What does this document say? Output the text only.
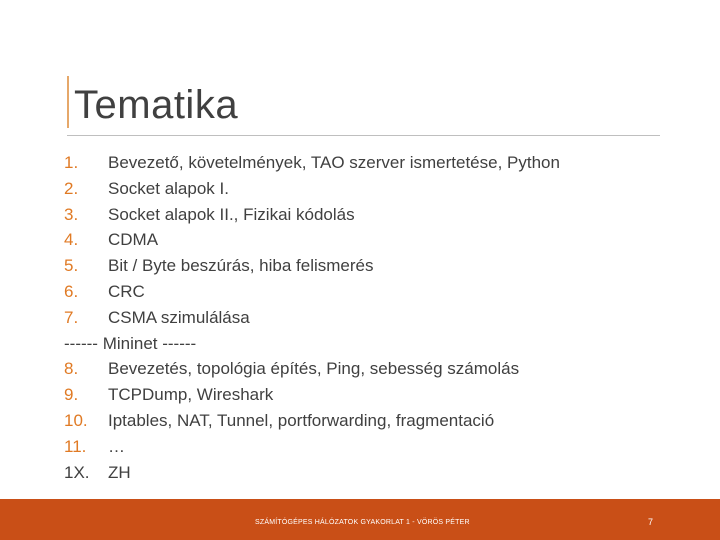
Tematika
1. Bevezető, követelmények, TAO szerver ismertetése, Python
2. Socket alapok I.
3. Socket alapok II., Fizikai kódolás
4. CDMA
5. Bit / Byte beszúrás, hiba felismerés
6. CRC
7. CSMA szimulálása
------ Mininet ------
8. Bevezetés, topológia építés, Ping, sebesség számolás
9. TCPDump, Wireshark
10. Iptables, NAT, Tunnel, portforwarding, fragmentació
11. …
1X. ZH
SZÁMÍTÓGÉPES HÁLÓZATOK GYAKORLAT 1 - VÖRÖS PÉTER	7
